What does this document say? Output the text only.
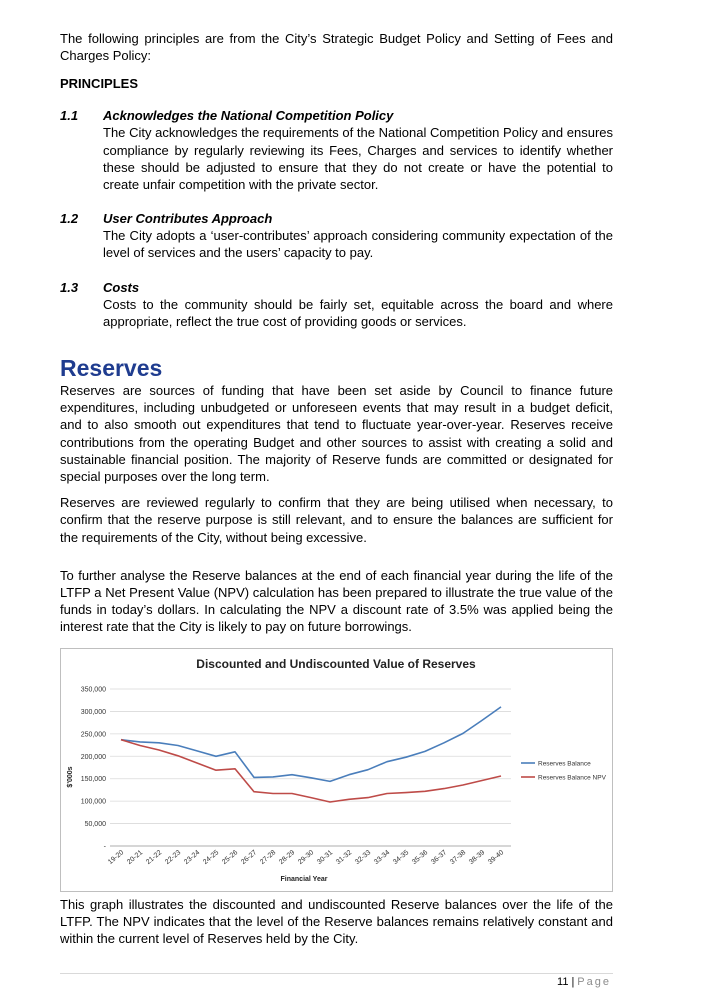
The following principles are from the City’s Strategic Budget Policy and Setting of Fees and Charges Policy:

PRINCIPLES
1.1 Acknowledges the National Competition Policy

The City acknowledges the requirements of the National Competition Policy and ensures compliance by regularly reviewing its Fees, Charges and services to identify whether these should be adjusted to ensure that they do not create or have the potential to create unfair competition with the private sector.

1.2 User Contributes Approach

The City adopts a ‘user-contributes’ approach considering community expectation of the level of services and the users’ capacity to pay.

1.3 Costs

Costs to the community should be fairly set, equitable across the board and where appropriate, reflect the true cost of providing goods or services.

Reserves

Reserves are sources of funding that have been set aside by Council to finance future expenditures, including unbudgeted or unforeseen events that may result in a budget deficit, and to also smooth out expenditures that tend to fluctuate year-over-year. Reserves receive contributions from the operating Budget and other sources to assist with creating a solid and sustainable financial position. The majority of Reserve funds are committed or designated for special purposes over the long term.

Reserves are reviewed regularly to confirm that they are being utilised when necessary, to confirm that the reserve purpose is still relevant, and to ensure the balances are sufficient for the requirements of the City, without being excessive.

To further analyse the Reserve balances at the end of each financial year during the life of the LTFP a Net Present Value (NPV) calculation has been prepared to illustrate the true value of the funds in today’s dollars. In calculating the NPV a discount rate of 3.5% was applied being the interest rate that the City is likely to pay on future borrowings.

Discounted and Undiscounted Value of Reserves
-
50,000
100,000
150,000
200,000
250,000
300,000
350,000
19-20 20-21 21-22 22-23 23-24 24-25 25-26 26-27 27-28 28-29 29-30 30-31 31-32 32-33 33-34 34-35 35-36 36-37 37-38 38-39 39-40
Reserves Balance
Reserves Balance NPV
Financial Year
$'000s

This graph illustrates the discounted and undiscounted Reserve balances over the life of the LTFP. The NPV indicates that the level of the Reserve balances remains relatively constant and within the current level of Reserves held by the City.

11 | Page
